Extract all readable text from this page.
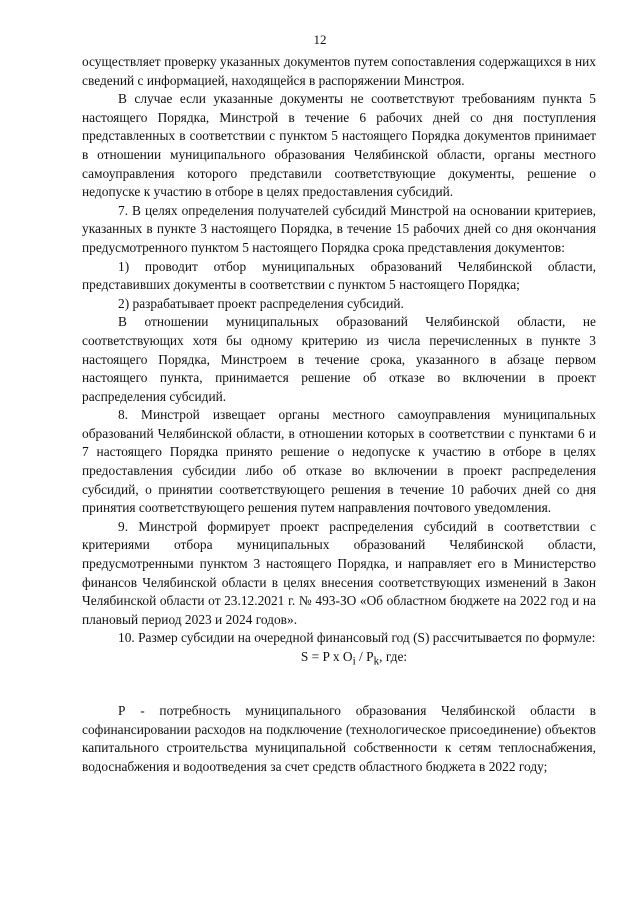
12

осуществляет проверку указанных документов путем сопоставления содержащихся в них сведений с информацией, находящейся в распоряжении Минстроя.

В случае если указанные документы не соответствуют требованиям пункта 5 настоящего Порядка, Минстрой в течение 6 рабочих дней со дня поступления представленных в соответствии с пунктом 5 настоящего Порядка документов принимает в отношении муниципального образования Челябинской области, органы местного самоуправления которого представили соответствующие документы, решение о недопуске к участию в отборе в целях предоставления субсидий.

7. В целях определения получателей субсидий Минстрой на основании критериев, указанных в пункте 3 настоящего Порядка, в течение 15 рабочих дней со дня окончания предусмотренного пунктом 5 настоящего Порядка срока представления документов:

1) проводит отбор муниципальных образований Челябинской области, представивших документы в соответствии с пунктом 5 настоящего Порядка;

2) разрабатывает проект распределения субсидий.

В отношении муниципальных образований Челябинской области, не соответствующих хотя бы одному критерию из числа перечисленных в пункте 3 настоящего Порядка, Минстроем в течение срока, указанного в абзаце первом настоящего пункта, принимается решение об отказе во включении в проект распределения субсидий.

8. Минстрой извещает органы местного самоуправления муниципальных образований Челябинской области, в отношении которых в соответствии с пунктами 6 и 7 настоящего Порядка принято решение о недопуске к участию в отборе в целях предоставления субсидии либо об отказе во включении в проект распределения субсидий, о принятии соответствующего решения в течение 10 рабочих дней со дня принятия соответствующего решения путем направления почтового уведомления.

9. Минстрой формирует проект распределения субсидий в соответствии с критериями отбора муниципальных образований Челябинской области, предусмотренными пунктом 3 настоящего Порядка, и направляет его в Министерство финансов Челябинской области в целях внесения соответствующих изменений в Закон Челябинской области от 23.12.2021 г. № 493-ЗО «Об областном бюджете на 2022 год и на плановый период 2023 и 2024 годов».

10. Размер субсидии на очередной финансовый год (S) рассчитывается по формуле:

S = P x $O_i / P_k$, где:

Р - потребность муниципального образования Челябинской области в софинансировании расходов на подключение (технологическое присоединение) объектов капитального строительства муниципальной собственности к сетям теплоснабжения, водоснабжения и водоотведения за счет средств областного бюджета в 2022 году;
